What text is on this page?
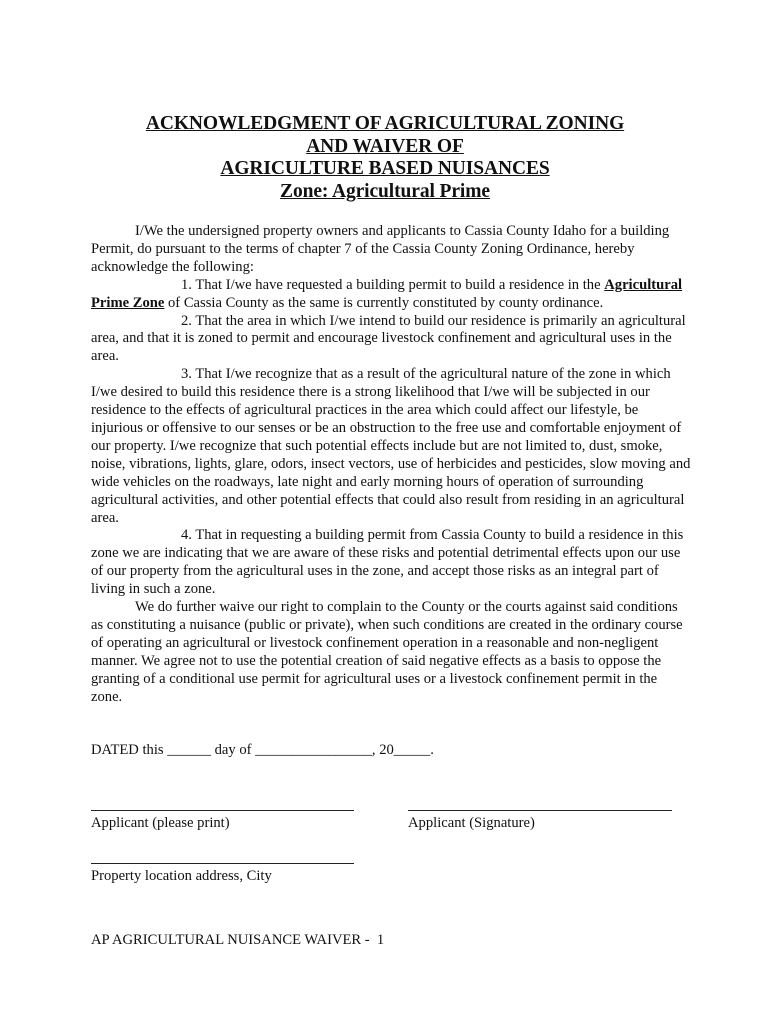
ACKNOWLEDGMENT OF AGRICULTURAL ZONING
AND WAIVER OF
AGRICULTURE BASED NUISANCES
Zone: Agricultural Prime

I/We the undersigned property owners and applicants to Cassia County Idaho for a building Permit, do pursuant to the terms of chapter 7 of the Cassia County Zoning Ordinance, hereby acknowledge the following:

1. That I/we have requested a building permit to build a residence in the Agricultural Prime Zone of Cassia County as the same is currently constituted by county ordinance.

2. That the area in which I/we intend to build our residence is primarily an agricultural area, and that it is zoned to permit and encourage livestock confinement and agricultural uses in the area.

3. That I/we recognize that as a result of the agricultural nature of the zone in which I/we desired to build this residence there is a strong likelihood that I/we will be subjected in our residence to the effects of agricultural practices in the area which could affect our lifestyle, be injurious or offensive to our senses or be an obstruction to the free use and comfortable enjoyment of our property. I/we recognize that such potential effects include but are not limited to, dust, smoke, noise, vibrations, lights, glare, odors, insect vectors, use of herbicides and pesticides, slow moving and wide vehicles on the roadways, late night and early morning hours of operation of surrounding agricultural activities, and other potential effects that could also result from residing in an agricultural area.

4. That in requesting a building permit from Cassia County to build a residence in this zone we are indicating that we are aware of these risks and potential detrimental effects upon our use of our property from the agricultural uses in the zone, and accept those risks as an integral part of living in such a zone.

We do further waive our right to complain to the County or the courts against said conditions as constituting a nuisance (public or private), when such conditions are created in the ordinary course of operating an agricultural or livestock confinement operation in a reasonable and non-negligent manner. We agree not to use the potential creation of said negative effects as a basis to oppose the granting of a conditional use permit for agricultural uses or a livestock confinement permit in the zone.

DATED this ______ day of ________________, 20_____.
Applicant (please print)	Applicant (Signature)
Property location address, City
AP AGRICULTURAL NUISANCE WAIVER -  1
